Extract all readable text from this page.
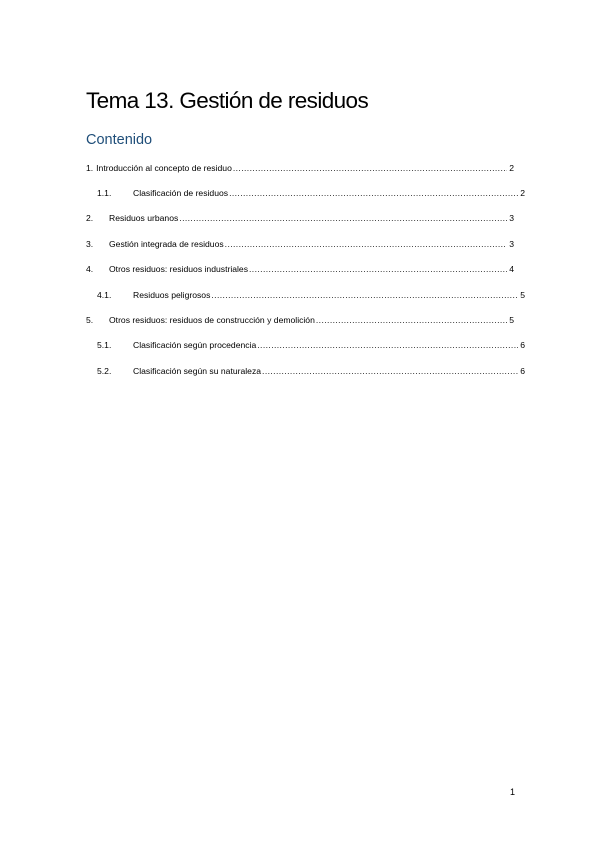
Tema 13. Gestión de residuos
Contenido
1. Introducción al concepto de residuo .....	2
1.1.	Clasificación de residuos .....	2
2.	Residuos urbanos .....	3
3.	Gestión integrada de residuos .....	3
4.	Otros residuos: residuos industriales .....	4
4.1.	Residuos peligrosos .....	5
5.	Otros residuos: residuos de construcción y demolición .....	5
5.1.	Clasificación según procedencia .....	6
5.2.	Clasificación según su naturaleza .....	6
1
